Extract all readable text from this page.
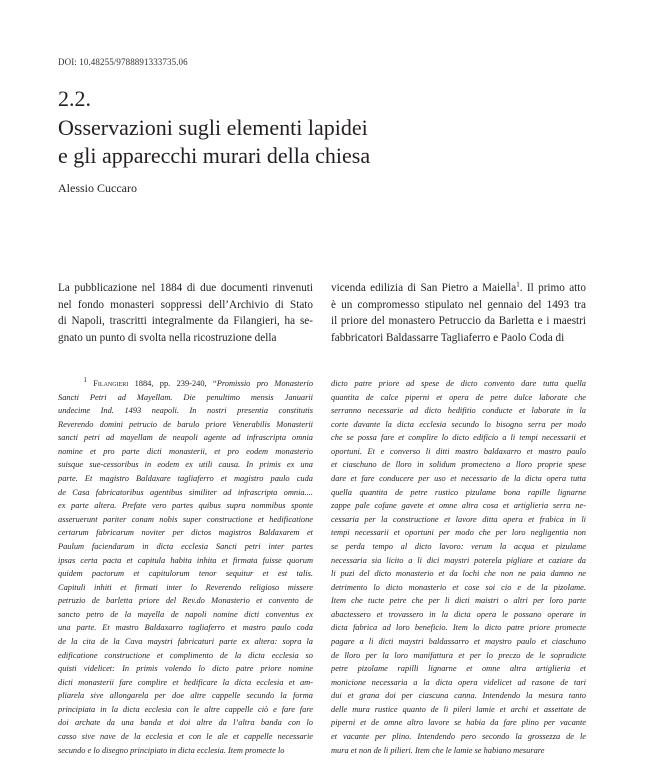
DOI: 10.48255/9788891333735.06
2.2.
Osservazioni sugli elementi lapidei
e gli apparecchi murari della chiesa
Alessio Cuccaro
La pubblicazione nel 1884 di due documenti rinvenuti
nel fondo monasteri soppressi dell’Archivio di Stato
di Napoli, trascritti integralmente da Filangieri, ha se-
gnato un punto di svolta nella ricostruzione della
vicenda edilizia di San Pietro a Maiella$^1$. Il primo atto
è un compromesso stipulato nel gennaio del 1493 tra
il priore del monastero Petruccio da Barletta e i maestri
fabbricatori Baldassarre Tagliaferro e Paolo Coda di
$^1$ Filangieri 1884, pp. 239-240, “Promissio pro Monasterio
Sancti Petri ad Mayellam. Die penultimo mensis Januarii
undecime Ind. 1493 neapoli. In nostri presentia constitutis
Reverendo domini petrucio de barulo priore Venerabilis Monasterii
sancti petri ad mayellam de neapoli agente ad infrascripta omnia
nomine et pro parte dicti monasterii, et pro eodem monasterio
suisque sue-cessoribus in eodem ex utili causa. In primis ex una
parte. Et magistro Baldaxare tagliaferro et magistro paulo cuda
de Casa fabricatoribus agentibus similiter ad infrascripta omnia....
ex parte altera. Prefate vero partes quibus supra nommibus sponte
asseruerunt pariter conam nobis super constructione et hedificatione
certarum fabricarum noviter per dictos magistros Baldaxarem et
Paulum faciendarum in dicta ecclesia Sancti petri inter partes
ipsas certa pacta et capitula habita inhita et firmata fuisse quorum
quidem pactorum et capitulorum tenor sequitur et est talis.
Capituli inhiti et firmati inter lo Reverendo religioso missere
petruzio de barletta priore del Rev.do Monasterio et convento de
sancto petro de la mayella de napoli nomine dicti conventus ex
una parte. Et mastro Baldaxarro tagliaferro et mastro paulo coda
de la cita de la Cava maystri fabricaturi parte ex altera: sopra la
edificatione constructione et complimento de la dicta ecclesia so
quisti videlicet: In primis volendo lo dicto patre priore nomine
dicti monasterii fare complire et hedificare la dicta ecclesia et am-
pliarela sive allongarela per doe altre cappelle secundo la forma
principiata in la dicta ecclesia con le altre cappelle ciò e fare fare
doi archate da una banda et doi altre da l’altra banda con lo
casso sive nave de la ecclesia et con le ale et cappelle necessarie
secundo e lo disegno principiato in dicta ecclesia. Item promecte lo
dicto patre priore ad spese de dicto convento dare tutta quella
quantita de calce piperni et opera de petre dulce laborate che
serranno necessarie ad dicto hedifitio conducte et laborate in la
corte davante la dicta ecclesia secundo lo bisogno serra per modo
che se possa fare et complire lo dicto edificio a li tempi necessarii et
oportuni. Et e converso li ditti mastro baldaxarro et mastro paulo
et ciaschuno de lloro in solidum promecteno a lloro proprie spese
dare et fare conducere per uso et necessario de la dicta opera tutta
quella quantita de petre rustico pizulame bona rapille lignarne
zappe pale cofane gavete et omne altra cosa et artiglieria serra ne-
cessaria per la constructione et lavore ditta opera et frabica in li
tempi necessarii et oportuni per modo che per loro negligentia non
se perda tempo al dicto lavoro: verum la acqua et pizulame
necessaria sia licito a li dici maystri poterela pigliare et caziare da
li puzi del dicto monasterio et da lochi che non ne paia damno ne
detrimento lo dicto monasterio et cose soi cio e de la pizolame.
Item che tucte petre che per li dicti maistri o altri per loro parte
abactessero et trovassero in la dicta opera le possano operare in
dicta fabrica ad loro beneficio. Item lo dicto patre priore promecte
pagare a li dicti maystri baldassarro et maystro paulo et ciaschuno
de lloro per la loro manifattura et per lo preczo de le sopradicte
petre pizolame rapilli lignarne et omne altra artiglieria et
monicione necessaria a la dicta opera videlicet ad rasone de tari
dui et grana doi per ciascuna canna. Intendendo la mesura tanto
delle mura rustice quanto de li pileri lamie et archi et assettate de
piperni et de omne altro lavore se habia da fare plino per vacante
et vacante per plino. Intendendo pero secondo la grossezza de le
mura et non de li pilieri. Item che le lamie se habiano mesurare
